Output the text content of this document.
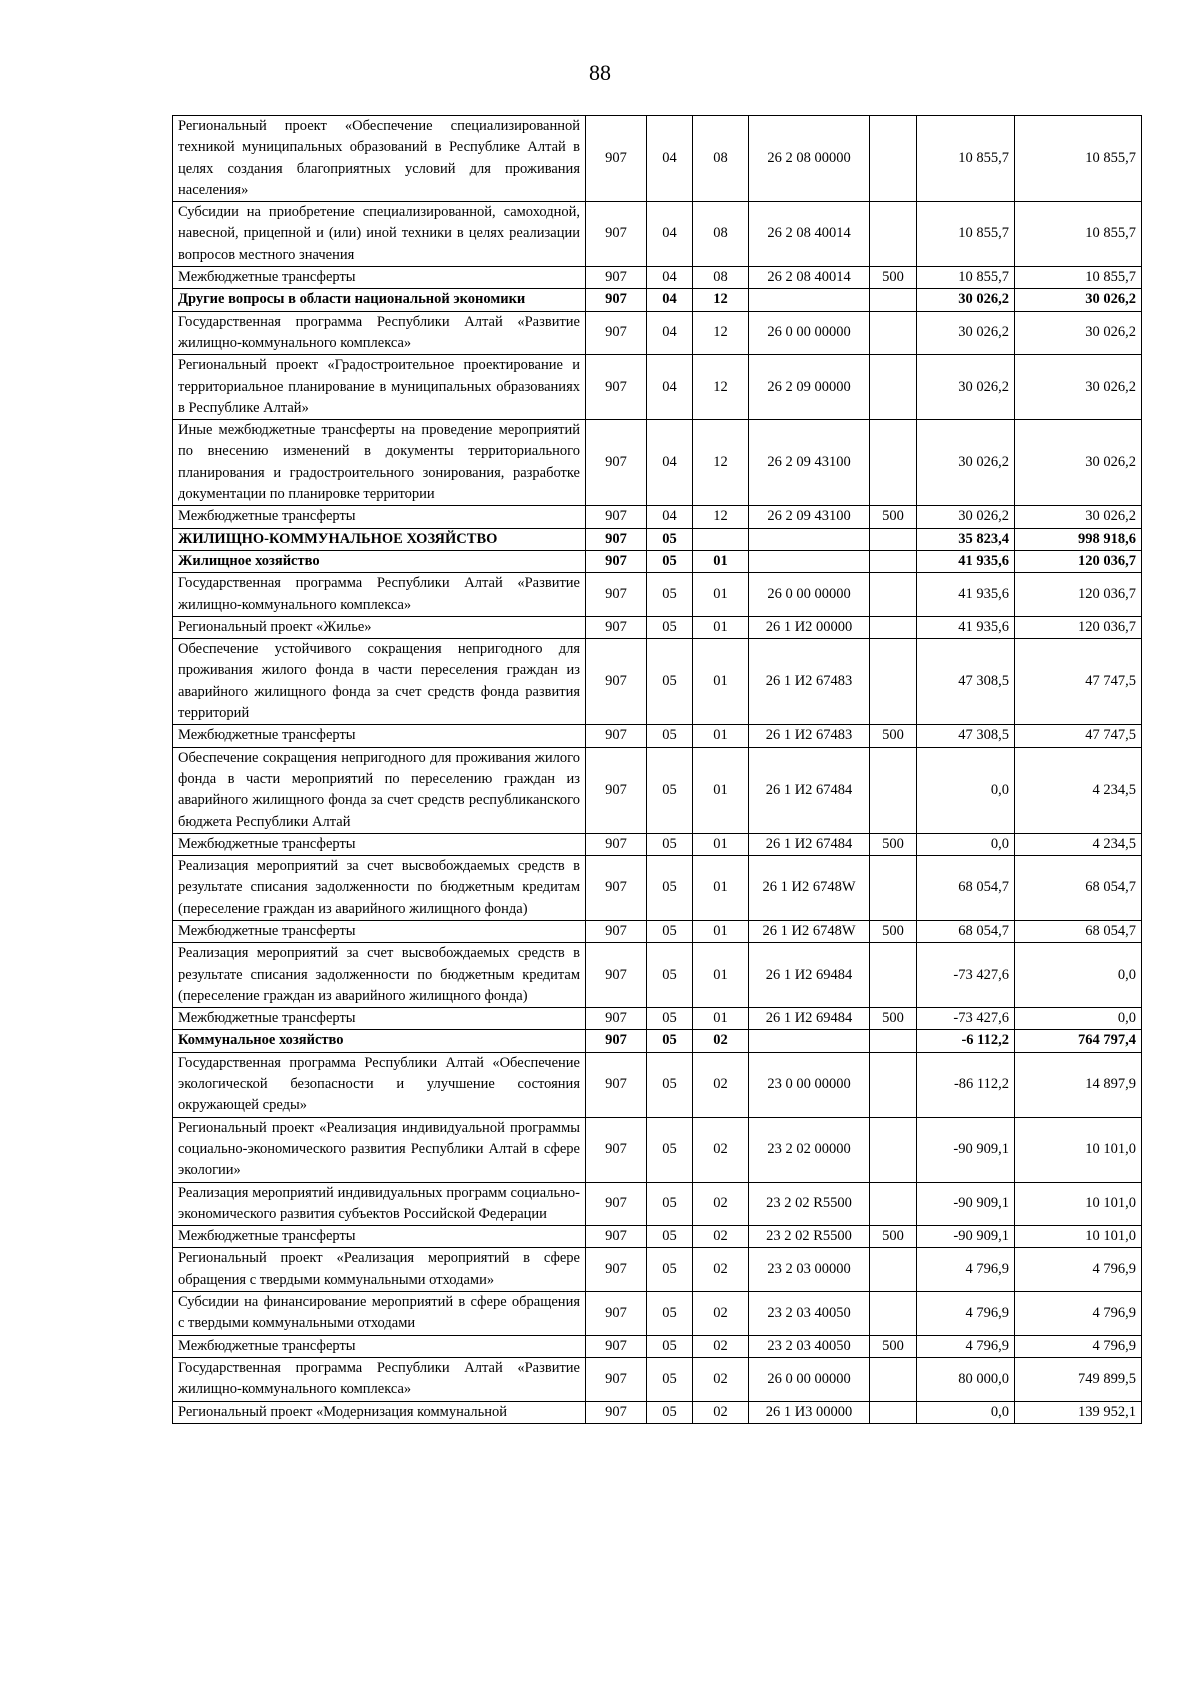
88
Региональный проект «Обеспечение специализированной техникой муниципальных образований в Республике Алтай в целях создания благоприятных условий для проживания населения»	907	04	08	26 2 08 00000		10 855,7	10 855,7
Субсидии на приобретение специализированной, самоходной, навесной, прицепной и (или) иной техники в целях реализации вопросов местного значения	907	04	08	26 2 08 40014		10 855,7	10 855,7
Межбюджетные трансферты	907	04	08	26 2 08 40014	500	10 855,7	10 855,7
Другие вопросы в области национальной экономики	907	04	12			30 026,2	30 026,2
Государственная программа Республики Алтай «Развитие жилищно-коммунального комплекса»	907	04	12	26 0 00 00000		30 026,2	30 026,2
Региональный проект «Градостроительное проектирование и территориальное планирование в муниципальных образованиях в Республике Алтай»	907	04	12	26 2 09 00000		30 026,2	30 026,2
Иные межбюджетные трансферты на проведение мероприятий по внесению изменений в документы территориального планирования и градостроительного зонирования, разработке документации по планировке территории	907	04	12	26 2 09 43100		30 026,2	30 026,2
Межбюджетные трансферты	907	04	12	26 2 09 43100	500	30 026,2	30 026,2
ЖИЛИЩНО-КОММУНАЛЬНОЕ ХОЗЯЙСТВО	907	05				35 823,4	998 918,6
Жилищное хозяйство	907	05	01			41 935,6	120 036,7
Государственная программа Республики Алтай «Развитие жилищно-коммунального комплекса»	907	05	01	26 0 00 00000		41 935,6	120 036,7
Региональный проект «Жилье»	907	05	01	26 1 И2 00000		41 935,6	120 036,7
Обеспечение устойчивого сокращения непригодного для проживания жилого фонда в части переселения граждан из аварийного жилищного фонда за счет средств фонда развития территорий	907	05	01	26 1 И2 67483		47 308,5	47 747,5
Межбюджетные трансферты	907	05	01	26 1 И2 67483	500	47 308,5	47 747,5
Обеспечение сокращения непригодного для проживания жилого фонда в части мероприятий по переселению граждан из аварийного жилищного фонда за счет средств республиканского бюджета Республики Алтай	907	05	01	26 1 И2 67484		0,0	4 234,5
Межбюджетные трансферты	907	05	01	26 1 И2 67484	500	0,0	4 234,5
Реализация мероприятий за счет высвобождаемых средств в результате списания задолженности по бюджетным кредитам (переселение граждан из аварийного жилищного фонда)	907	05	01	26 1 И2 6748W		68 054,7	68 054,7
Межбюджетные трансферты	907	05	01	26 1 И2 6748W	500	68 054,7	68 054,7
Реализация мероприятий за счет высвобождаемых средств в результате списания задолженности по бюджетным кредитам (переселение граждан из аварийного жилищного фонда)	907	05	01	26 1 И2 69484		-73 427,6	0,0
Межбюджетные трансферты	907	05	01	26 1 И2 69484	500	-73 427,6	0,0
Коммунальное хозяйство	907	05	02			-6 112,2	764 797,4
Государственная программа Республики Алтай «Обеспечение экологической безопасности и улучшение состояния окружающей среды»	907	05	02	23 0 00 00000		-86 112,2	14 897,9
Региональный проект «Реализация индивидуальной программы социально-экономического развития Республики Алтай в сфере экологии»	907	05	02	23 2 02 00000		-90 909,1	10 101,0
Реализация мероприятий индивидуальных программ социально-экономического развития субъектов Российской Федерации	907	05	02	23 2 02 R5500		-90 909,1	10 101,0
Межбюджетные трансферты	907	05	02	23 2 02 R5500	500	-90 909,1	10 101,0
Региональный проект «Реализация мероприятий в сфере обращения с твердыми коммунальными отходами»	907	05	02	23 2 03 00000		4 796,9	4 796,9
Субсидии на финансирование мероприятий в сфере обращения с твердыми коммунальными отходами	907	05	02	23 2 03 40050		4 796,9	4 796,9
Межбюджетные трансферты	907	05	02	23 2 03 40050	500	4 796,9	4 796,9
Государственная программа Республики Алтай «Развитие жилищно-коммунального комплекса»	907	05	02	26 0 00 00000		80 000,0	749 899,5
Региональный проект «Модернизация коммунальной	907	05	02	26 1 И3 00000		0,0	139 952,1
